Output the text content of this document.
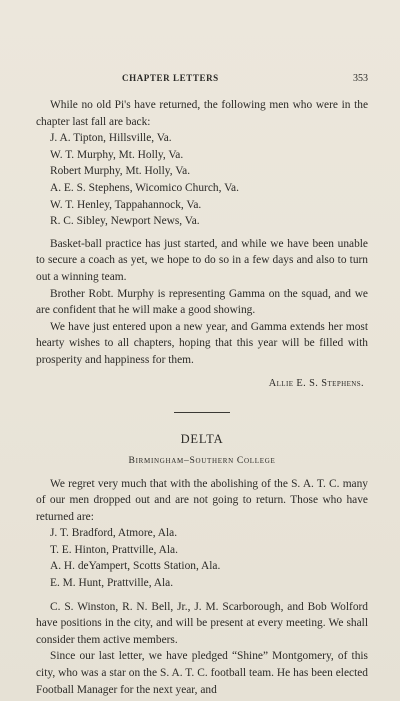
CHAPTER LETTERS	353

While no old Pi's have returned, the following men who were in the chapter last fall are back:

J. A. Tipton, Hillsville, Va.
W. T. Murphy, Mt. Holly, Va.
Robert Murphy, Mt. Holly, Va.
A. E. S. Stephens, Wicomico Church, Va.
W. T. Henley, Tappahannock, Va.
R. C. Sibley, Newport News, Va.

Basket-ball practice has just started, and while we have been unable to secure a coach as yet, we hope to do so in a few days and also to turn out a winning team.

Brother Robt. Murphy is representing Gamma on the squad, and we are confident that he will make a good showing.

We have just entered upon a new year, and Gamma extends her most hearty wishes to all chapters, hoping that this year will be filled with prosperity and happiness for them.

Allie E. S. Stephens.
DELTA
Birmingham–Southern College

We regret very much that with the abolishing of the S. A. T. C. many of our men dropped out and are not going to return. Those who have returned are:

J. T. Bradford, Atmore, Ala.
T. E. Hinton, Prattville, Ala.
A. H. deYampert, Scotts Station, Ala.
E. M. Hunt, Prattville, Ala.

C. S. Winston, R. N. Bell, Jr., J. M. Scarborough, and Bob Wolford have positions in the city, and will be present at every meeting. We shall consider them active members.

Since our last letter, we have pledged “Shine” Montgomery, of this city, who was a star on the S. A. T. C. football team. He has been elected Football Manager for the next year, and
